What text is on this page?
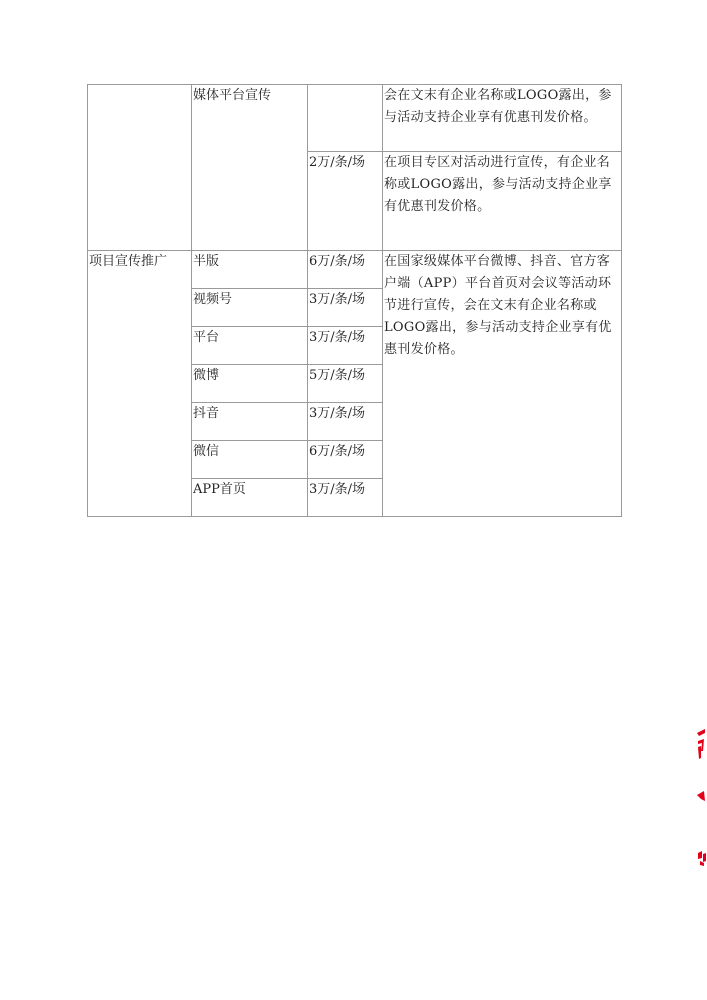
	媒体平台宣传		会在文末有企业名称或LOGO露出，参与活动支持企业享有优惠刊发价格。
		2万/条/场	在项目专区对活动进行宣传，有企业名称或LOGO露出，参与活动支持企业享有优惠刊发价格。
项目宣传推广	半版	6万/条/场	在国家级媒体平台微博、抖音、官方客户端（APP）平台首页对会议等活动环节进行宣传，会在文末有企业名称或LOGO露出，参与活动支持企业享有优惠刊发价格。
	视频号	3万/条/场	
	平台	3万/条/场	
	微博	5万/条/场	
	抖音	3万/条/场	
	微信	6万/条/场	
	APP首页	3万/条/场	
